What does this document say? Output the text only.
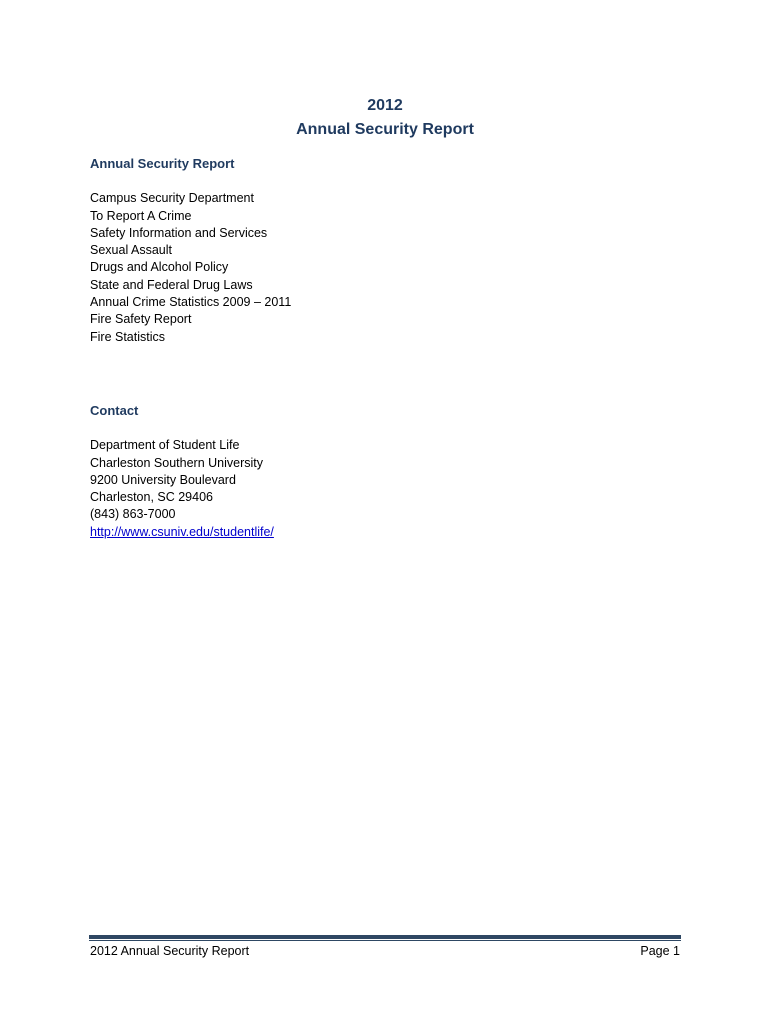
2012
Annual Security Report
Annual Security Report
Campus Security Department
To Report A Crime
Safety Information and Services
Sexual Assault
Drugs and Alcohol Policy
State and Federal Drug Laws
Annual Crime Statistics 2009 – 2011
Fire Safety Report
Fire Statistics
Contact
Department of Student Life
Charleston Southern University
9200 University Boulevard
Charleston, SC 29406
(843) 863-7000
http://www.csuniv.edu/studentlife/
2012 Annual Security Report	Page 1
